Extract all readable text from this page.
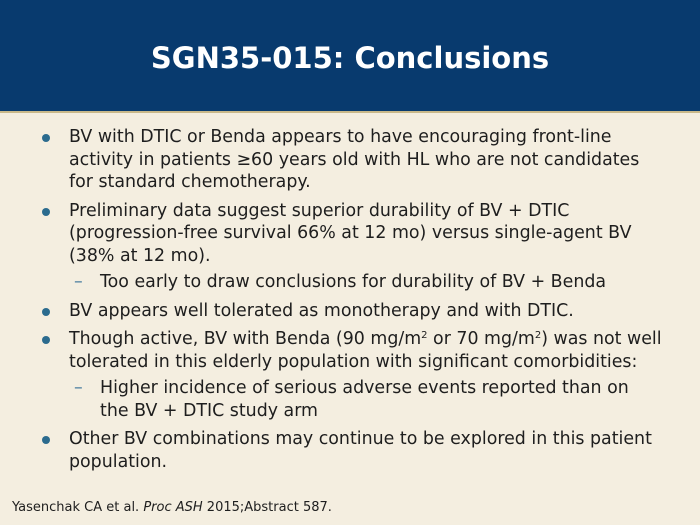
SGN35-015: Conclusions
BV with DTIC or Benda appears to have encouraging front-line activity in patients ≥60 years old with HL who are not candidates for standard chemotherapy.
Preliminary data suggest superior durability of BV + DTIC (progression-free survival 66% at 12 mo) versus single-agent BV (38% at 12 mo).
– Too early to draw conclusions for durability of BV + Benda
BV appears well tolerated as monotherapy and with DTIC.
Though active, BV with Benda (90 $mg/m^2$ or 70 $mg/m^2$) was not well tolerated in this elderly population with significant comorbidities:
– Higher incidence of serious adverse events reported than on the BV + DTIC study arm
Other BV combinations may continue to be explored in this patient population.
Yasenchak CA et al. Proc ASH 2015;Abstract 587.
